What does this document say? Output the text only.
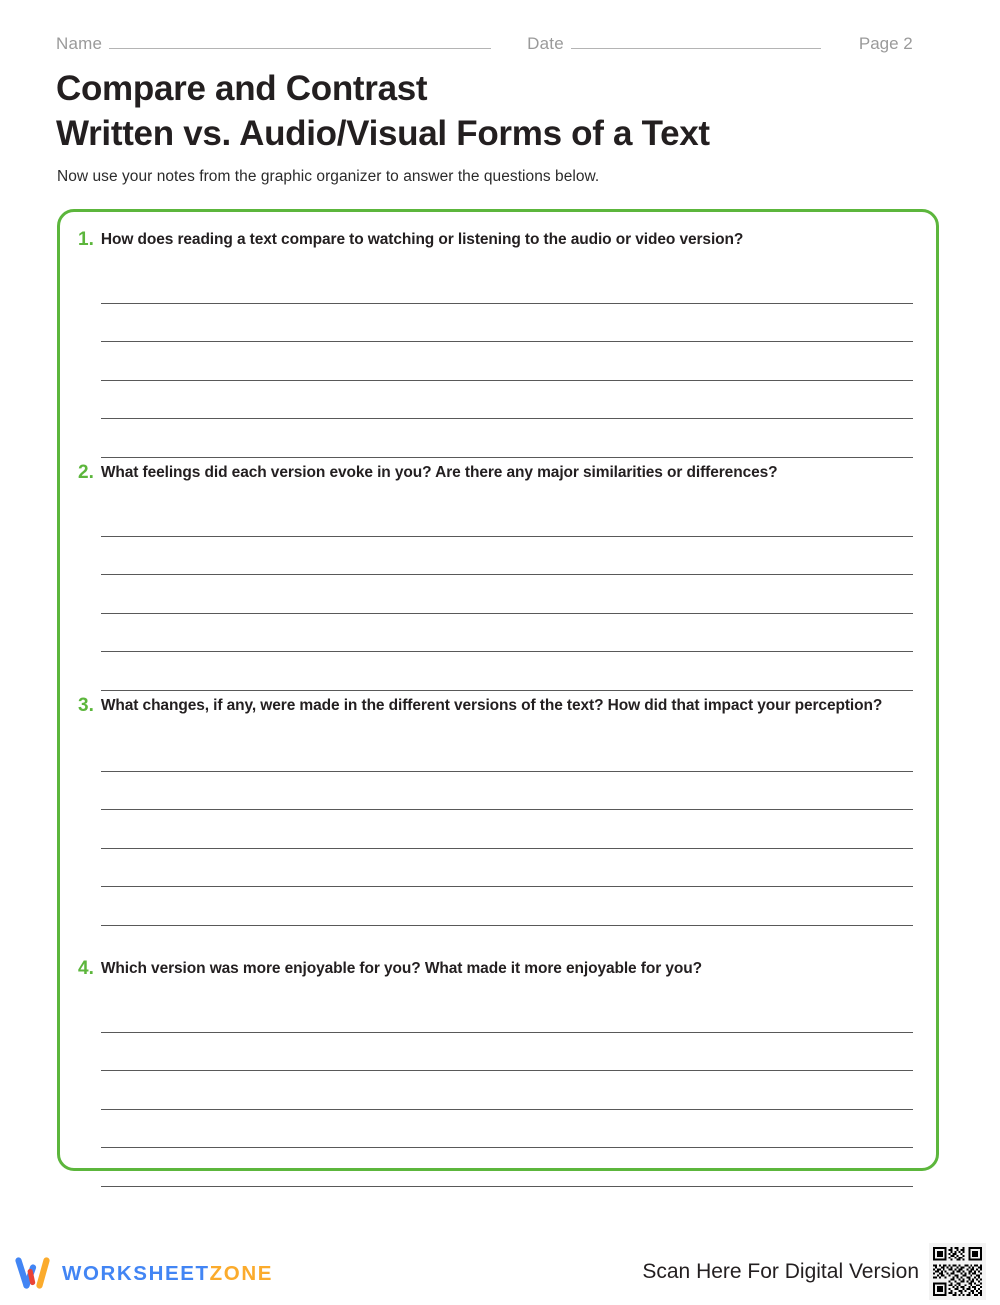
Name	Date	Page 2
Compare and Contrast
Written vs. Audio/Visual Forms of a Text
Now use your notes from the graphic organizer to answer the questions below.
1. How does reading a text compare to watching or listening to the audio or video version?
2. What feelings did each version evoke in you? Are there any major similarities or differences?
3. What changes, if any, were made in the different versions of the text? How did that impact your perception?
4. Which version was more enjoyable for you? What made it more enjoyable for you?
WORKSHEETZONE	Scan Here For Digital Version
